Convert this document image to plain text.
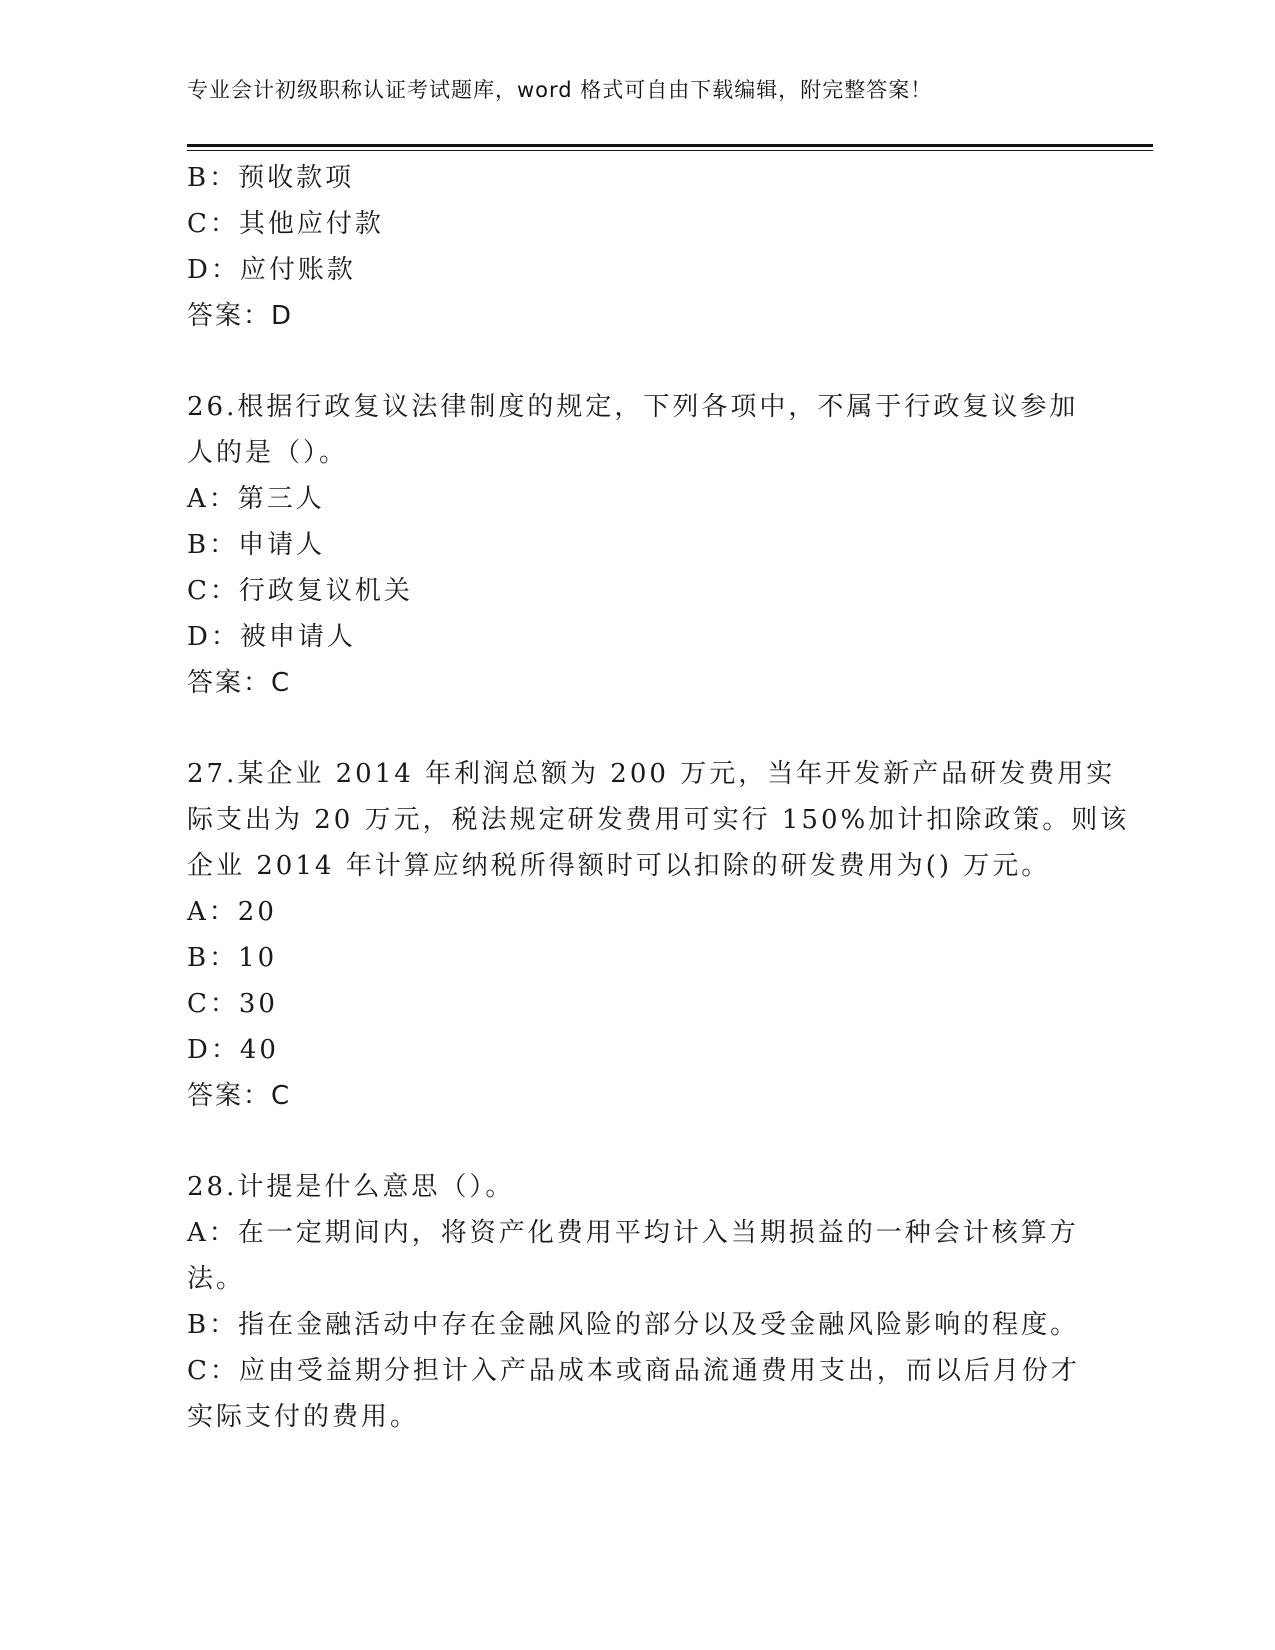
专业会计初级职称认证考试题库，word 格式可自由下载编辑，附完整答案！
B：预收款项
C：其他应付款
D：应付账款
答案：D
26.根据行政复议法律制度的规定，下列各项中，不属于行政复议参加
人的是（）。
A：第三人
B：申请人
C：行政复议机关
D：被申请人
答案：C
27.某企业 2014 年利润总额为 200 万元，当年开发新产品研发费用实
际支出为 20 万元，税法规定研发费用可实行 150%加计扣除政策。则该
企业 2014 年计算应纳税所得额时可以扣除的研发费用为() 万元。
A：20
B：10
C：30
D：40
答案：C
28.计提是什么意思（）。
A：在一定期间内，将资产化费用平均计入当期损益的一种会计核算方
法。
B：指在金融活动中存在金融风险的部分以及受金融风险影响的程度。
C：应由受益期分担计入产品成本或商品流通费用支出，而以后月份才
实际支付的费用。
